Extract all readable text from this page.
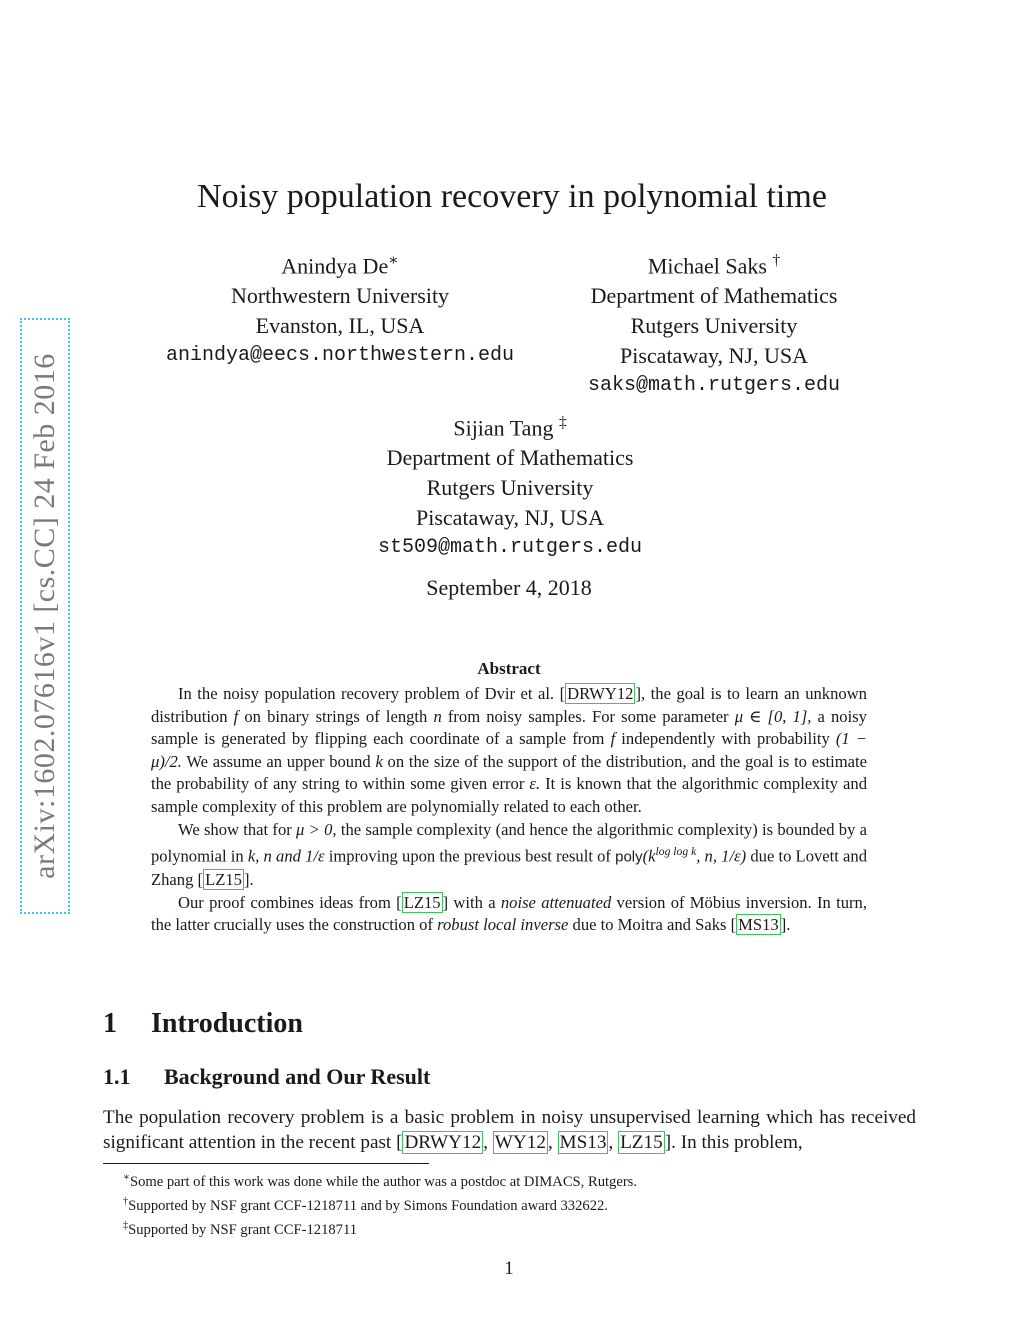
arXiv:1602.07616v1 [cs.CC] 24 Feb 2016
Noisy population recovery in polynomial time
Anindya De∗
Northwestern University
Evanston, IL, USA
anindya@eecs.northwestern.edu
Michael Saks †
Department of Mathematics
Rutgers University
Piscataway, NJ, USA
saks@math.rutgers.edu
Sijian Tang ‡
Department of Mathematics
Rutgers University
Piscataway, NJ, USA
st509@math.rutgers.edu
September 4, 2018
Abstract

In the noisy population recovery problem of Dvir et al. [ DRWY12 ], the goal is to learn an unknown distribution f on binary strings of length n from noisy samples. For some parameter μ ∈ [0, 1], a noisy sample is generated by flipping each coordinate of a sample from f independently with probability (1 − μ)/2. We assume an upper bound k on the size of the support of the distribution, and the goal is to estimate the probability of any string to within some given error ε. It is known that the algorithmic complexity and sample complexity of this problem are polynomially related to each other.

We show that for μ > 0, the sample complexity (and hence the algorithmic complexity) is bounded by a polynomial in k, n and 1/ε improving upon the previous best result of $poly(k^{log log k}$, n, 1/ε) due to Lovett and Zhang [ LZ15 ].

Our proof combines ideas from [ LZ15 ] with a noise attenuated version of Möbius inversion. In turn, the latter crucially uses the construction of robust local inverse due to Moitra and Saks [ MS13 ].

1 Introduction
1.1 Background and Our Result

The population recovery problem is a basic problem in noisy unsupervised learning which has received significant attention in the recent past [ DRWY12 , WY12 , MS13 , LZ15 ]. In this problem,

∗Some part of this work was done while the author was a postdoc at DIMACS, Rutgers.
†Supported by NSF grant CCF-1218711 and by Simons Foundation award 332622.
‡Supported by NSF grant CCF-1218711
1
